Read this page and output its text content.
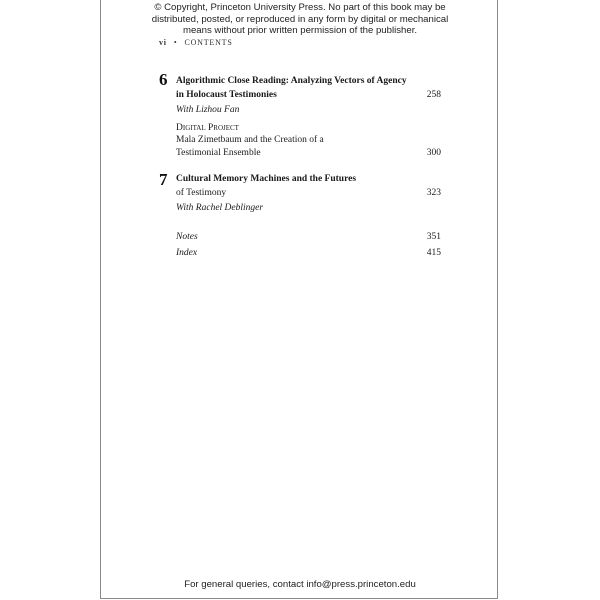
© Copyright, Princeton University Press. No part of this book may be
distributed, posted, or reproduced in any form by digital or mechanical
means without prior written permission of the publisher.
vi • CONTENTS
6 Algorithmic Close Reading: Analyzing Vectors of Agency
in Holocaust Testimonies	258
With Lizhou Fan
Digital Project
Mala Zimetbaum and the Creation of a
Testimonial Ensemble	300
7 Cultural Memory Machines and the Futures
of Testimony	323
With Rachel Deblinger
Notes	351
Index	415
For general queries, contact info@press.princeton.edu
